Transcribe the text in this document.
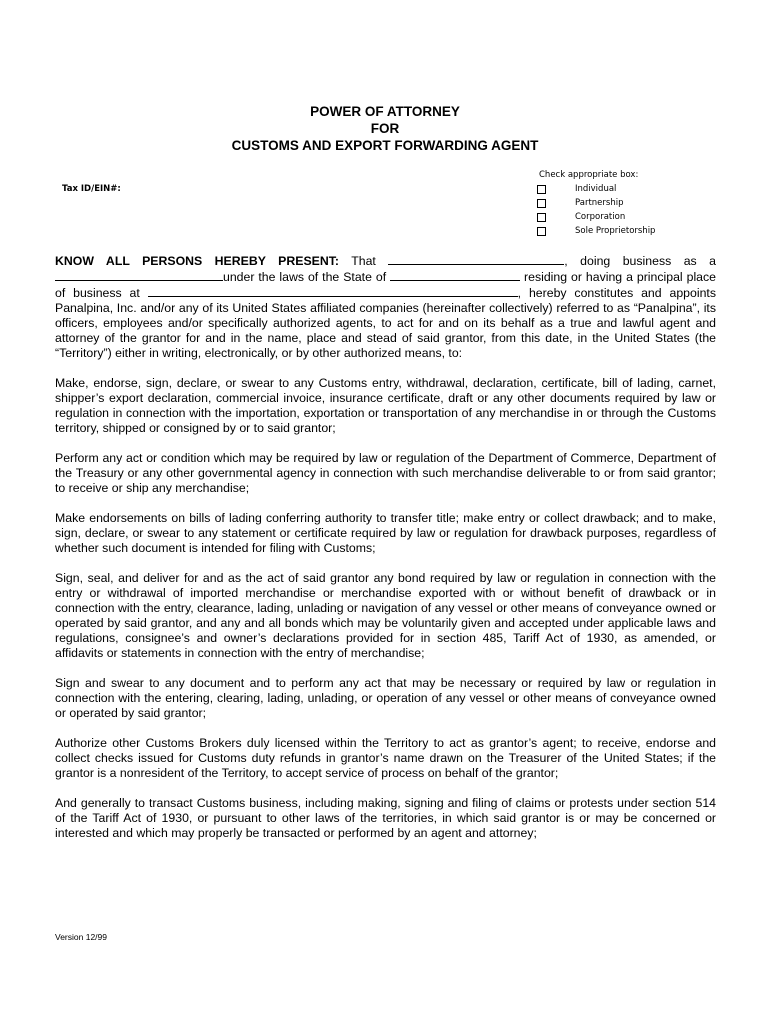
POWER OF ATTORNEY
FOR
CUSTOMS AND EXPORT FORWARDING AGENT
Tax ID/EIN#:
Check appropriate box:
Individual
Partnership
Corporation
Sole Proprietorship

KNOW ALL PERSONS HEREBY PRESENT: That	, doing business as a under the laws of the State of	residing or having a principal place of business at	, hereby constitutes and appoints Panalpina, Inc. and/or any of its United States affiliated companies (hereinafter collectively) referred to as “Panalpina”, its officers, employees and/or specifically authorized agents, to act for and on its behalf as a true and lawful agent and attorney of the grantor for and in the name, place and stead of said grantor, from this date, in the United States (the “Territory”) either in writing, electronically, or by other authorized means, to:

Make, endorse, sign, declare, or swear to any Customs entry, withdrawal, declaration, certificate, bill of lading, carnet, shipper’s export declaration, commercial invoice, insurance certificate, draft or any other documents required by law or regulation in connection with the importation, exportation or transportation of any merchandise in or through the Customs territory, shipped or consigned by or to said grantor;

Perform any act or condition which may be required by law or regulation of the Department of Commerce, Department of the Treasury or any other governmental agency in connection with such merchandise deliverable to or from said grantor; to receive or ship any merchandise;

Make endorsements on bills of lading conferring authority to transfer title; make entry or collect drawback; and to make, sign, declare, or swear to any statement or certificate required by law or regulation for drawback purposes, regardless of whether such document is intended for filing with Customs;

Sign, seal, and deliver for and as the act of said grantor any bond required by law or regulation in connection with the entry or withdrawal of imported merchandise or merchandise exported with or without benefit of drawback or in connection with the entry, clearance, lading, unlading or navigation of any vessel or other means of conveyance owned or operated by said grantor, and any and all bonds which may be voluntarily given and accepted under applicable laws and regulations, consignee’s and owner’s declarations provided for in section 485, Tariff Act of 1930, as amended, or affidavits or statements in connection with the entry of merchandise;

Sign and swear to any document and to perform any act that may be necessary or required by law or regulation in connection with the entering, clearing, lading, unlading, or operation of any vessel or other means of conveyance owned or operated by said grantor;

Authorize other Customs Brokers duly licensed within the Territory to act as grantor’s agent; to receive, endorse and collect checks issued for Customs duty refunds in grantor’s name drawn on the Treasurer of the United States; if the grantor is a nonresident of the Territory, to accept service of process on behalf of the grantor;

And generally to transact Customs business, including making, signing and filing of claims or protests under section 514 of the Tariff Act of 1930, or pursuant to other laws of the territories, in which said grantor is or may be concerned or interested and which may properly be transacted or performed by an agent and attorney;

Version 12/99
